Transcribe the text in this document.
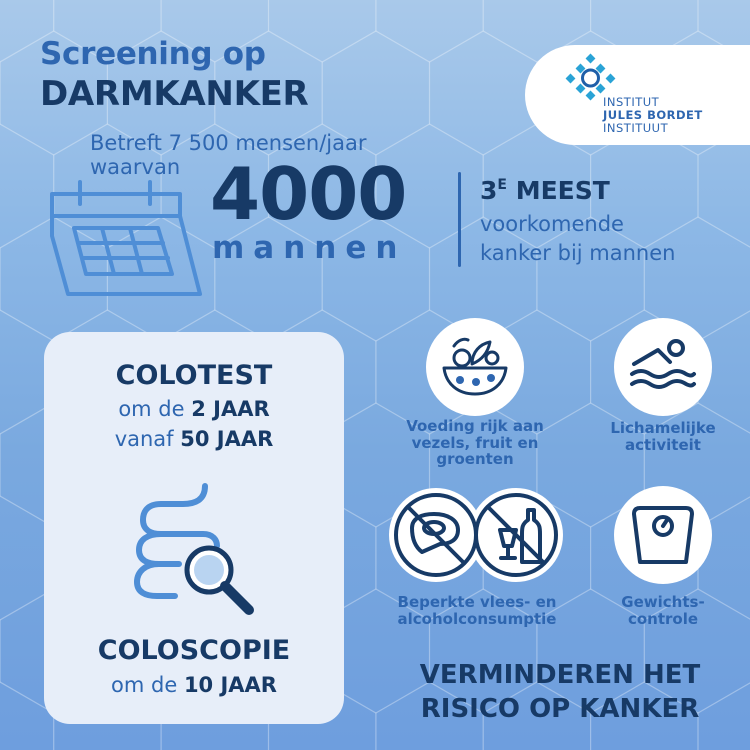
Screening op
DARMKANKER	INSTITUT
JULES BORDET
INSTITUUT
Betreft 7 500 mensen/jaar
waarvan 4000
mannen
$3^E$ MEEST
voorkomende
kanker bij mannen
COLOTEST
om de 2 JAAR
vanaf 50 JAAR
COLOSCOPIE
om de 10 JAAR
Voeding rijk aan
vezels, fruit en
groenten
Lichamelijke
activiteit
Beperkte vlees- en
alcoholconsumptie
Gewichts-
controle
VERMINDEREN HET
RISICO OP KANKER
